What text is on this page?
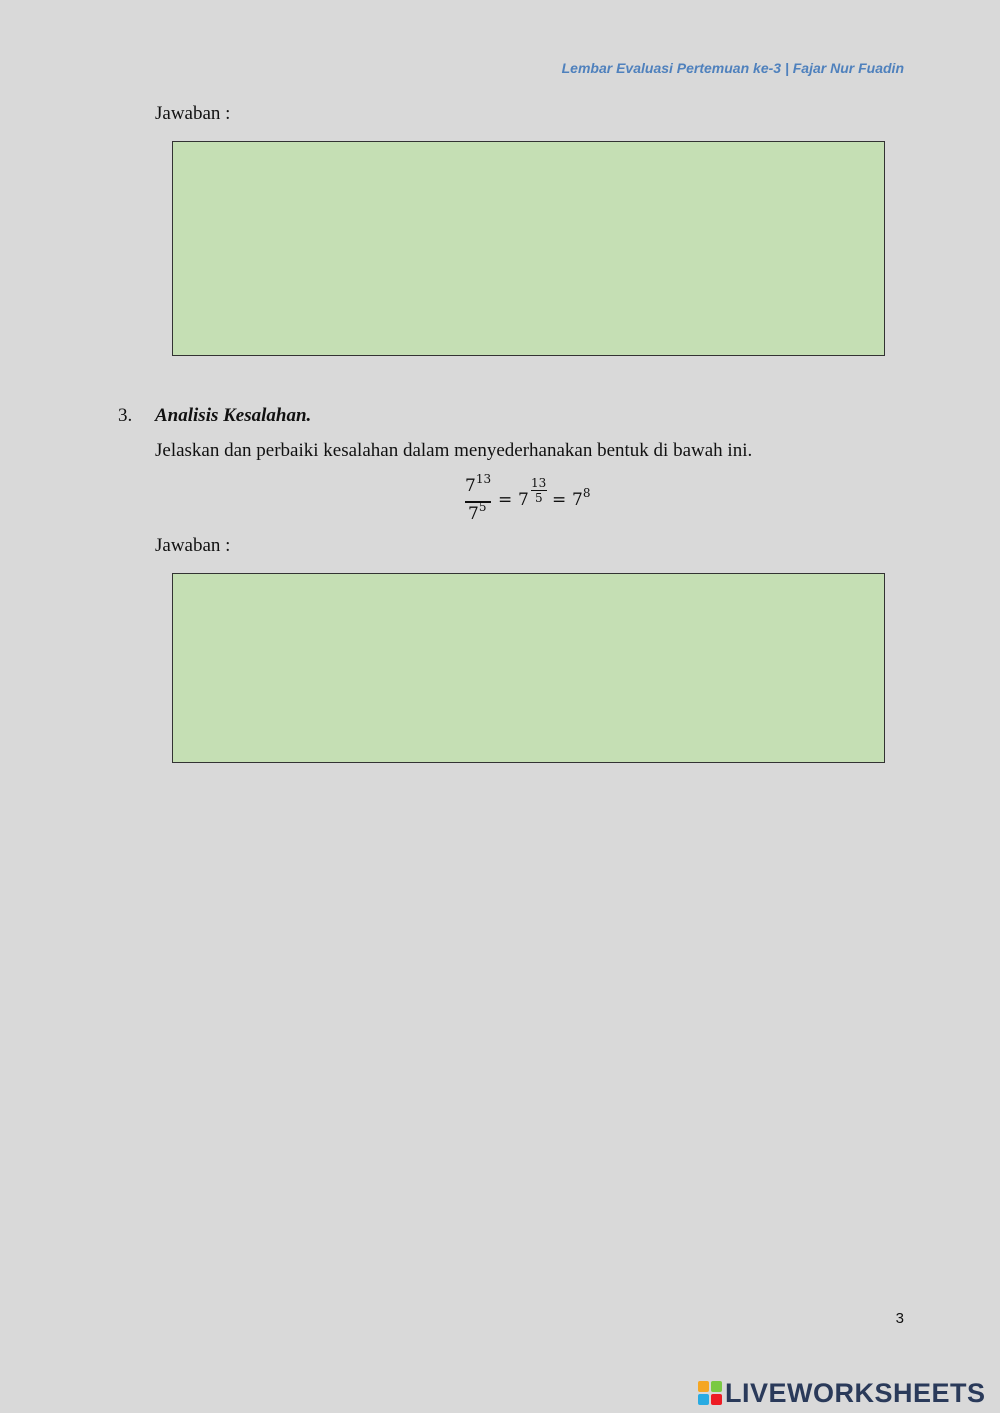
Lembar Evaluasi Pertemuan ke-3 | Fajar Nur Fuadin
Jawaban :
3. Analisis Kesalahan.
Jelaskan dan perbaiki kesalahan dalam menyederhanakan bentuk di bawah ini.
$7^{13}$
$7^5 = 7$
13
$5 = 7^8$
Jawaban :
3
LIVEWORKSHEETS
